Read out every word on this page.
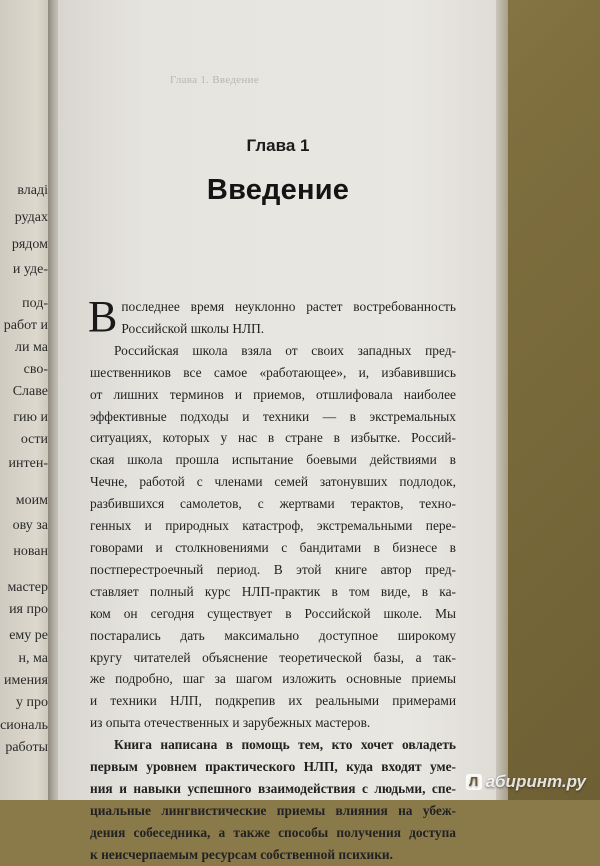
владі
рудах
рядом
и уде-
под-
работ и
ли ма
сво-
Славе
гию и
ости
интен-
моим
ову за
нован
мастер
ия про
ему ре
н, ма
имения
у про
сиональ
работы
Глава 1. Введение
Глава 1
Введение
В последнее время неуклонно растет востребованность
Российской школы НЛП.
Российская школа взяла от своих западных пред-
шественников все самое «работающее», и, избавившись
от лишних терминов и приемов, отшлифовала наиболее
эффективные подходы и техники — в экстремальных
ситуациях, которых у нас в стране в избытке. Россий-
ская школа прошла испытание боевыми действиями в
Чечне, работой с членами семей затонувших подлодок,
разбившихся самолетов, с жертвами терактов, техно-
генных и природных катастроф, экстремальными пере-
говорами и столкновениями с бандитами в бизнесе в
постперестроечный период. В этой книге автор пред-
ставляет полный курс НЛП-практик в том виде, в ка-
ком он сегодня существует в Российской школе. Мы
постарались дать максимально доступное широкому
кругу читателей объяснение теоретической базы, а так-
же подробно, шаг за шагом изложить основные приемы
и техники НЛП, подкрепив их реальными примерами
из опыта отечественных и зарубежных мастеров.
Книга написана в помощь тем, кто хочет овладеть
первым уровнем практического НЛП, куда входят уме-
ния и навыки успешного взаимодействия с людьми, спе-
циальные лингвистические приемы влияния на убеж-
дения собеседника, а также способы получения доступа
к неисчерпаемым ресурсам собственной психики.
Л абиринт.ру
